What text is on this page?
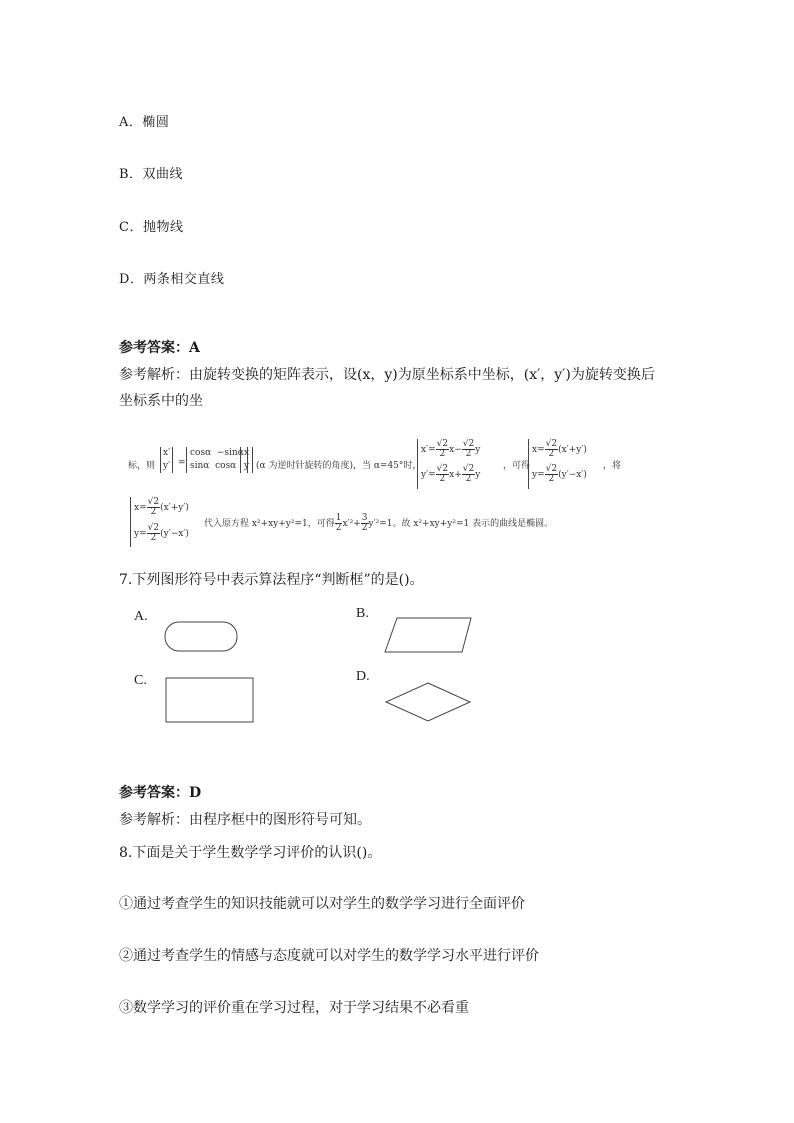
A．椭圆
B．双曲线
C．抛物线
D．两条相交直线
参考答案：A
参考解析：由旋转变换的矩阵表示，设(x，y)为原坐标系中坐标，(x′，y′)为旋转变换后
坐标系中的坐
标，则
x′
y′ =
cosα −sinα
sinα cosα
x
y (α 为逆时针旋转的角度)，当 α=45°时，
$x'= \frac{√2}{2} x- \frac{√2}{2}$ y
$y'= \frac{√2}{2} x+ \frac{√2}{2}$ y
，可得
$x= \frac{√2}{2} (x'+y')$
$y= \frac{√2}{2} (y'-x')$
，将
$x= \frac{√2}{2} (x'+y')$
$y= \frac{√2}{2} (y'-x')$
代入原方程 x²+xy+y²=1，可得 $\frac{1}{2} x'^2+ \frac{3}{2} y'^2=1$。故 x²+xy+y²=1 表示的曲线是椭圆。
7.下列图形符号中表示算法程序“判断框”的是()。
A.	B.
C.	D.
参考答案：D
参考解析：由程序框中的图形符号可知。
8.下面是关于学生数学学习评价的认识()。
①通过考查学生的知识技能就可以对学生的数学学习进行全面评价
②通过考查学生的情感与态度就可以对学生的数学学习水平进行评价
③数学学习的评价重在学习过程，对于学习结果不必看重
